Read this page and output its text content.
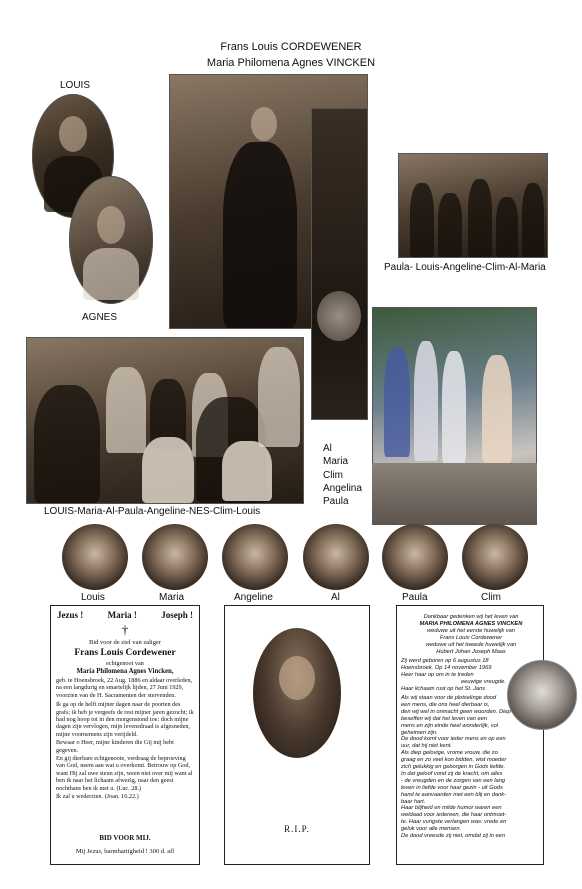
Frans Louis CORDEWENER
Maria Philomena Agnes VINCKEN
LOUIS
AGNES
Paula- Louis-Angeline-Clim-Al-Maria
Al
Maria
Clim
Angelina
Paula
LOUIS-Maria-Al-Paula-Angeline-NES-Clim-Louis
Louis	Maria	Angeline	Al	Paula	Clim
Jezus !	Maria !	Joseph !
†
Bid voor de ziel van zaliger
Frans Louis Cordewener
echtgenoot van
Maria Philomena Agnes Vincken,

geb. te Hoensbroek, 22 Aug. 1886 en aldaar overleden, na een langdurig en smartelijk lijden, 27 Juni 1929, voorzien van de H. Sacramenten der stervenden.

Ik ga op de helft mijner dagen naar de poorten des grafs; ik heb je vergeefs de rest mijner jaren gezocht; ik had nog hoop tot in den morgenstond toe: doch mijne dagen zijn vervlogen, mijn levensdraad is afgesneden, mijne voornemens zijn verijdeld.

Bewaar o Heer, mijne kinderen die Gij mij hebt gegeven.

En gij dierbare echtgenoote, verdraag de beproeving van God, neem aan wat u overkomt. Betrouw op God, want Hij zal uwe steun zijn, ween niet over mij want al ben ik naar het lichaam afwezig, naar den geest nochthans ben ik met u. (Luc. 28.)

Ik zal u wederzien. (Joan. 16.22.)

BID VOOR MIJ.
Mij Jezus, barmhartigheid ! 300 d. afl
R.I.P.

Dankbaar gedenken wij het leven van

MARIA PHILOMENA AGNES VINCKEN

weduwe uit het eerste huwelijk van

Frans Louis Cordewener

weduwe uit het tweede huwelijk van

Hubert Johan Joseph Maas

Zij werd geboren op 6 augustus 18

Hoensbroek. Op 14 november 1969

Heer haar op om in te treden

eeuwige vreugde.

Haar lichaam rust op het St. Jans

Als wij staan voor de plotselinge dood

een mens, die ons heel dierbaar is,

den wij wel in onmacht geen woorden. Diep

beseffen wij dat het leven van een

mens en zijn einde heel wonderlijk, vol

geheimen zijn.

De dood komt voor ieder mens en op een

uur, dat hij niet kent.

Als diep gelovige, vrome vrouw, die zo

graag en zo veel kon bidden, wist moeder

zich gelukkig en geborgen in Gods liefde.

In dat geloof vond zij de kracht, om alles

- de vreugden en de zorgen van een lang

leven in liefde voor haar gezin - uit Gods

hand te aanvaarden met een blij en dank-

baar hart.

Haar blijheid en milde humor waren een

weldaad voor iedereen, die haar ontmoet-

te. Haar vurigste verlangen was: vrede en

geluk voor alle mensen.

De dood vreesde zij niet, omdat zij in een
